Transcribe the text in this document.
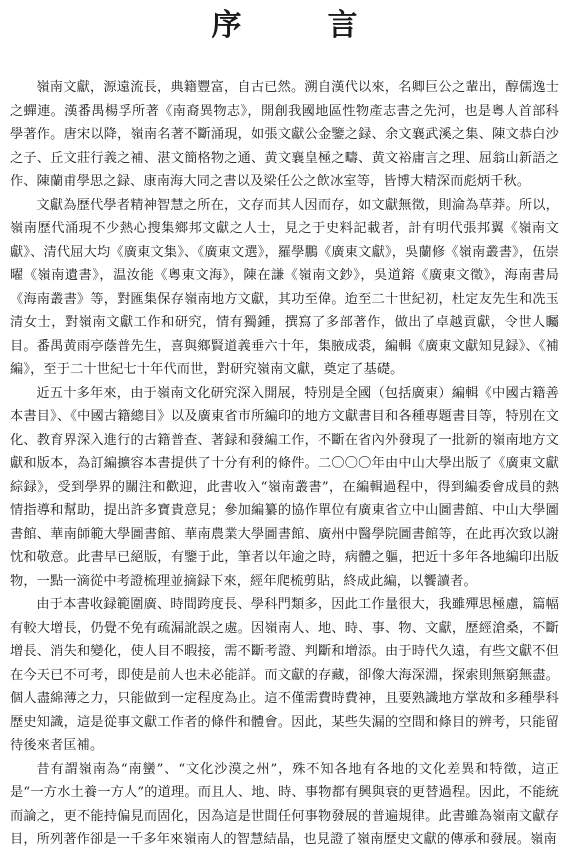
序　言

嶺南文獻，源遠流長，典籍豐富，自古已然。溯自漢代以來，名卿巨公之輩出，醇儒逸士之蟬連。漢番禺楊孚所著《南裔異物志》，開創我國地區性物產志書之先河，也是粵人首部科學著作。唐宋以降，嶺南名著不斷涌現，如張文獻公金鑒之録、余文襄武溪之集、陳文恭白沙之子、丘文莊行義之補、湛文簡格物之通、黄文襄皇極之疇、黄文裕庸言之理、屈翁山新語之作、陳蘭甫學思之録、康南海大同之書以及梁任公之飲冰室等，皆博大精深而彪炳千秋。

文獻為歷代學者精神智慧之所在，文存而其人因而存，如文獻無徵，則淪為草莽。所以，嶺南歷代涌現不少熱心搜集鄉邦文獻之人士，見之于史料記載者，計有明代張邦翼《嶺南文獻》、清代屈大均《廣東文集》、《廣東文選》，羅學鵬《廣東文獻》，吳蘭修《嶺南叢書》，伍崇曜《嶺南遺書》，温汝能《粵東文海》，陳在謙《嶺南文鈔》，吳道鎔《廣東文徵》，海南書局《海南叢書》等，對匯集保存嶺南地方文獻，其功至偉。迨至二十世紀初，杜定友先生和冼玉清女士，對嶺南文獻工作和研究，情有獨鍾，撰寫了多部著作，做出了卓越貢獻，令世人矚目。番禺黄雨亭蔭普先生，喜與鄉賢道義垂六十年，集腋成裘，編輯《廣東文獻知見録》、《補編》，至于二十世紀七十年代而世，對研究嶺南文獻，奠定了基礎。

近五十多年來，由于嶺南文化研究深入開展，特別是全國（包括廣東）編輯《中國古籍善本書目》、《中國古籍總目》以及廣東省市所編印的地方文獻書目和各種專題書目等，特別在文化、教育界深入進行的古籍普查、著録和發編工作，不斷在省內外發現了一批新的嶺南地方文獻和版本，為訂編擴容本書提供了十分有利的條件。二〇〇〇年由中山大學出版了《廣東文獻綜録》，受到學界的關注和歡迎，此書收入“嶺南叢書”，在編輯過程中，得到編委會成員的熱情指導和幫助，提出許多寶貴意見；參加編纂的協作單位有廣東省立中山圖書館、中山大學圖書館、華南師範大學圖書館、華南農業大學圖書館、廣州中醫學院圖書館等，在此再次致以謝忱和敬意。此書早已絕版，有鑒于此，筆者以年逾之時，病體之軀，把近十多年各地編印出版物，一點一滴從中考證梳理並摘録下來，經年爬梳剪貼，終成此編，以饗讀者。

由于本書收録範圍廣、時間跨度長、學科門類多，因此工作量很大，我雖殫思極慮，篇幅有較大增長，仍覺不免有疏漏訛誤之處。因嶺南人、地、時、事、物、文獻，歷經滄桑，不斷增長、消失和變化，使人目不暇接，需不斷考證、判斷和增添。由于時代久遠，有些文獻不但在今天已不可考，即使是前人也未必能詳。而文獻的存藏，卻像大海深淵，探索則無窮無盡。個人盡綿薄之力，只能做到一定程度為止。這不僅需費時費神，且要熟識地方掌故和多種學科歷史知識，這是從事文獻工作者的條件和體會。因此，某些失漏的空間和條目的辨考，只能留待後來者匡補。

昔有謂嶺南為“南蠻”、“文化沙漠之州”，殊不知各地有各地的文化差異和特徵，這正是“一方水土養一方人”的道理。而且人、地、時、事物都有興與衰的更替過程。因此，不能統而論之，更不能持偏見而固化，因為這是世間任何事物發展的普遍規律。此書雖為嶺南文獻存目，所列著作卻是一千多年來嶺南人的智慧結晶，也見證了嶺南歷史文獻的傳承和發展。嶺南
